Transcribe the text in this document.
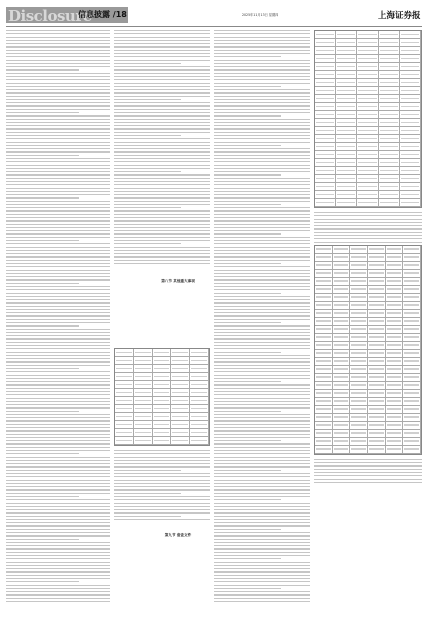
Disclosure
信息披露 /18	2025年11月13日 星期四	上海证券报
第八节 其他重大事项
第九节 备查文件
